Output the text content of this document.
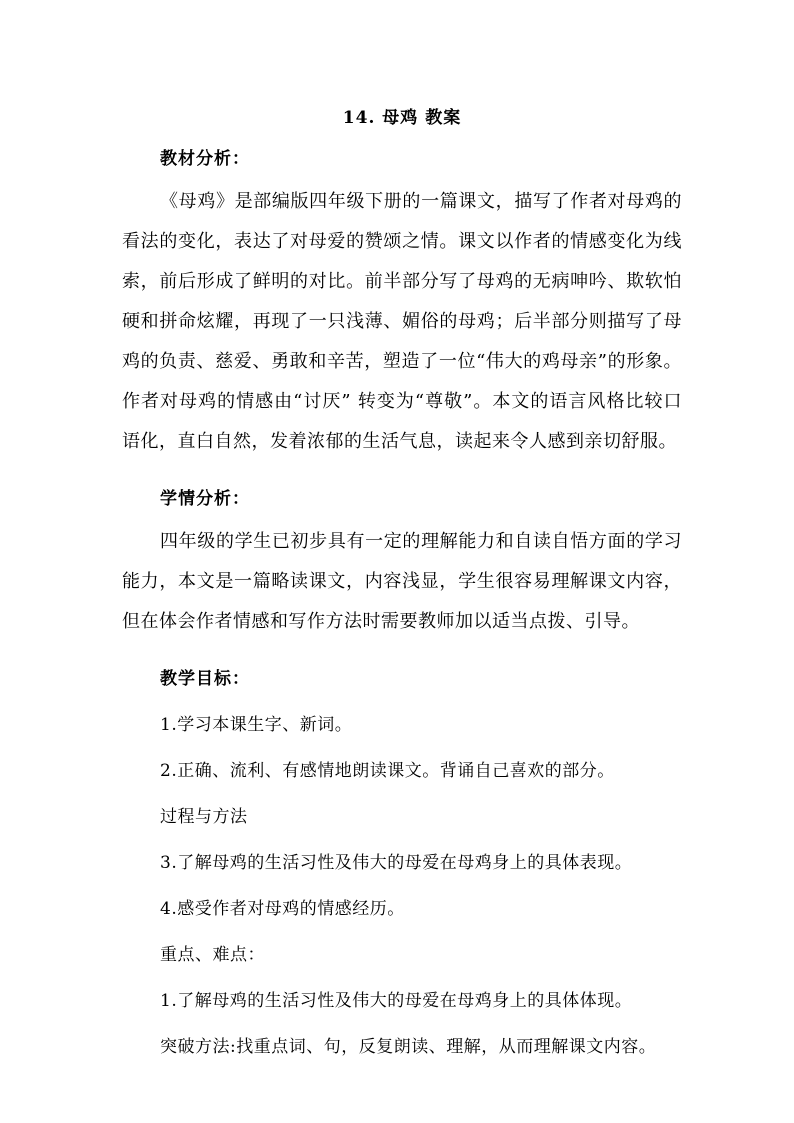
14. 母鸡 教案

教材分析：

《母鸡》是部编版四年级下册的一篇课文，描写了作者对母鸡的看法的变化，表达了对母爱的赞颂之情。课文以作者的情感变化为线索，前后形成了鲜明的对比。前半部分写了母鸡的无病呻吟、欺软怕硬和拼命炫耀，再现了一只浅薄、媚俗的母鸡；后半部分则描写了母鸡的负责、慈爱、勇敢和辛苦，塑造了一位“伟大的鸡母亲”的形象。作者对母鸡的情感由“讨厌” 转变为“尊敬”。本文的语言风格比较口语化，直白自然，发着浓郁的生活气息，读起来令人感到亲切舒服。

学情分析：

四年级的学生已初步具有一定的理解能力和自读自悟方面的学习能力，本文是一篇略读课文，内容浅显，学生很容易理解课文内容，但在体会作者情感和写作方法时需要教师加以适当点拨、引导。

教学目标：

1.学习本课生字、新词。

2.正确、流利、有感情地朗读课文。背诵自己喜欢的部分。

过程与方法

3.了解母鸡的生活习性及伟大的母爱在母鸡身上的具体表现。

4.感受作者对母鸡的情感经历。

重点、难点：

1.了解母鸡的生活习性及伟大的母爱在母鸡身上的具体体现。

突破方法:找重点词、句，反复朗读、理解，从而理解课文内容。
